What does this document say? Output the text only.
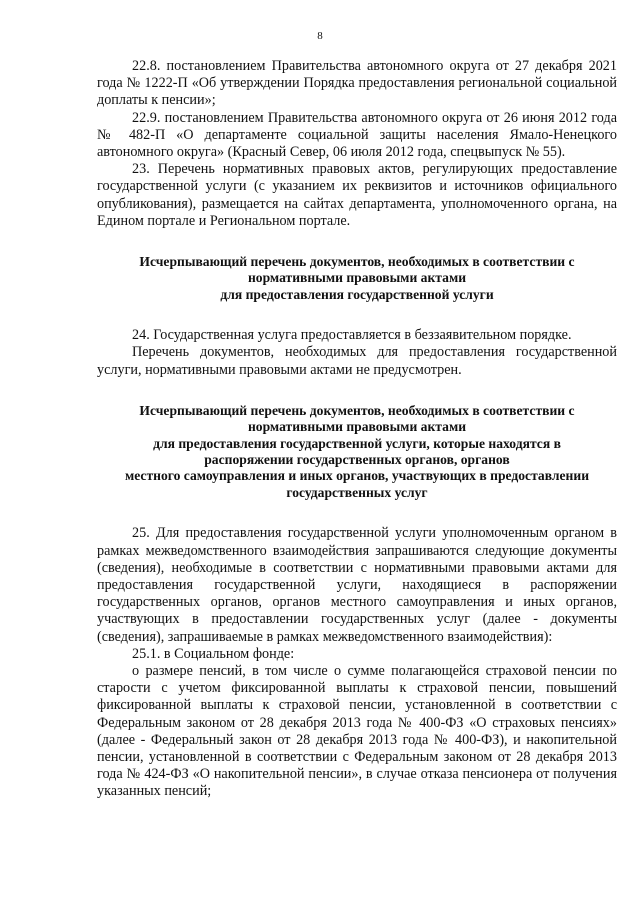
8

22.8. постановлением Правительства автономного округа от 27 декабря 2021 года № 1222-П «Об утверждении Порядка предоставления региональной социальной доплаты к пенсии»;

22.9. постановлением Правительства автономного округа от 26 июня 2012 года № 482-П «О департаменте социальной защиты населения Ямало-Ненецкого автономного округа» (Красный Север, 06 июля 2012 года, спецвыпуск № 55).

23. Перечень нормативных правовых актов, регулирующих предоставление государственной услуги (с указанием их реквизитов и источников официального опубликования), размещается на сайтах департамента, уполномоченного органа, на Едином портале и Региональном портале.

Исчерпывающий перечень документов, необходимых в соответствии с
нормативными правовыми актами
для предоставления государственной услуги

24. Государственная услуга предоставляется в беззаявительном порядке.

Перечень документов, необходимых для предоставления государственной услуги, нормативными правовыми актами не предусмотрен.

Исчерпывающий перечень документов, необходимых в соответствии с
нормативными правовыми актами
для предоставления государственной услуги, которые находятся в
распоряжении государственных органов, органов
местного самоуправления и иных органов, участвующих в предоставлении
государственных услуг

25. Для предоставления государственной услуги уполномоченным органом в рамках межведомственного взаимодействия запрашиваются следующие документы (сведения), необходимые в соответствии с нормативными правовыми актами для предоставления государственной услуги, находящиеся в распоряжении государственных органов, органов местного самоуправления и иных органов, участвующих в предоставлении государственных услуг (далее - документы (сведения), запрашиваемые в рамках межведомственного взаимодействия):

25.1. в Социальном фонде:

о размере пенсий, в том числе о сумме полагающейся страховой пенсии по старости с учетом фиксированной выплаты к страховой пенсии, повышений фиксированной выплаты к страховой пенсии, установленной в соответствии с Федеральным законом от 28 декабря 2013 года № 400-ФЗ «О страховых пенсиях» (далее - Федеральный закон от 28 декабря 2013 года № 400-ФЗ), и накопительной пенсии, установленной в соответствии с Федеральным законом от 28 декабря 2013 года № 424-ФЗ «О накопительной пенсии», в случае отказа пенсионера от получения указанных пенсий;
